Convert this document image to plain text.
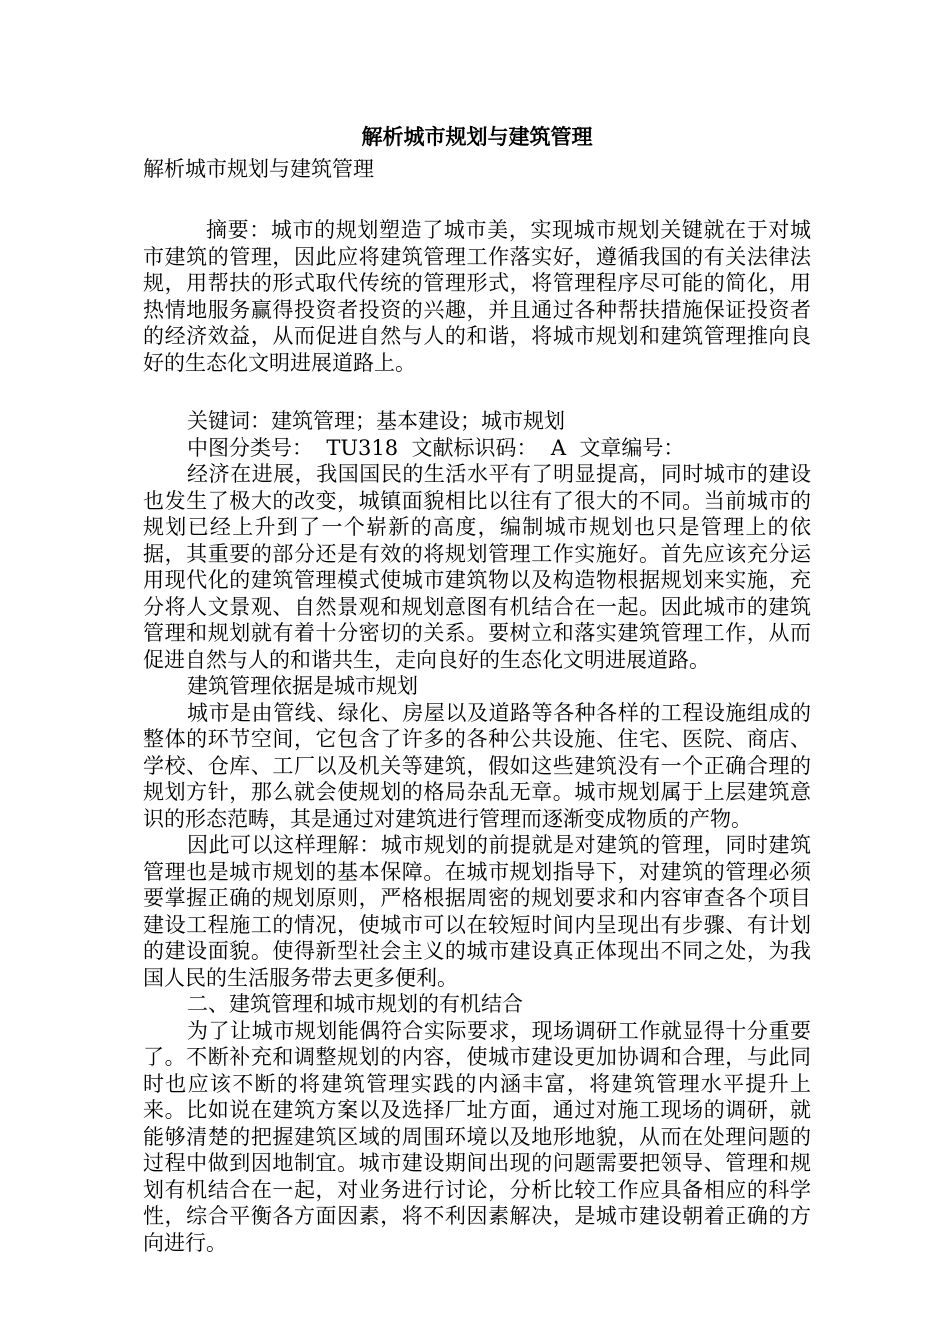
解析城市规划与建筑管理

解析城市规划与建筑管理

摘要：城市的规划塑造了城市美，实现城市规划关键就在于对城市建筑的管理，因此应将建筑管理工作落实好，遵循我国的有关法律法规，用帮扶的形式取代传统的管理形式，将管理程序尽可能的简化，用热情地服务赢得投资者投资的兴趣，并且通过各种帮扶措施保证投资者的经济效益，从而促进自然与人的和谐，将城市规划和建筑管理推向良好的生态化文明进展道路上。

关键词：建筑管理；基本建设；城市规划

中图分类号：  TU318  文献标识码：  A  文章编号：

经济在进展，我国国民的生活水平有了明显提高，同时城市的建设也发生了极大的改变，城镇面貌相比以往有了很大的不同。当前城市的规划已经上升到了一个崭新的高度，编制城市规划也只是管理上的依据，其重要的部分还是有效的将规划管理工作实施好。首先应该充分运用现代化的建筑管理模式使城市建筑物以及构造物根据规划来实施，充分将人文景观、自然景观和规划意图有机结合在一起。因此城市的建筑管理和规划就有着十分密切的关系。要树立和落实建筑管理工作，从而促进自然与人的和谐共生，走向良好的生态化文明进展道路。

建筑管理依据是城市规划

城市是由管线、绿化、房屋以及道路等各种各样的工程设施组成的整体的环节空间，它包含了许多的各种公共设施、住宅、医院、商店、学校、仓库、工厂以及机关等建筑，假如这些建筑没有一个正确合理的规划方针，那么就会使规划的格局杂乱无章。城市规划属于上层建筑意识的形态范畴，其是通过对建筑进行管理而逐渐变成物质的产物。

因此可以这样理解：城市规划的前提就是对建筑的管理，同时建筑管理也是城市规划的基本保障。在城市规划指导下，对建筑的管理必须要掌握正确的规划原则，严格根据周密的规划要求和内容审查各个项目建设工程施工的情况，使城市可以在较短时间内呈现出有步骤、有计划的建设面貌。使得新型社会主义的城市建设真正体现出不同之处，为我国人民的生活服务带去更多便利。

二、建筑管理和城市规划的有机结合

为了让城市规划能偶符合实际要求，现场调研工作就显得十分重要了。不断补充和调整规划的内容，使城市建设更加协调和合理，与此同时也应该不断的将建筑管理实践的内涵丰富，将建筑管理水平提升上来。比如说在建筑方案以及选择厂址方面，通过对施工现场的调研，就能够清楚的把握建筑区域的周围环境以及地形地貌，从而在处理问题的过程中做到因地制宜。城市建设期间出现的问题需要把领导、管理和规划有机结合在一起，对业务进行讨论，分析比较工作应具备相应的科学性，综合平衡各方面因素，将不利因素解决，是城市建设朝着正确的方向进行。
